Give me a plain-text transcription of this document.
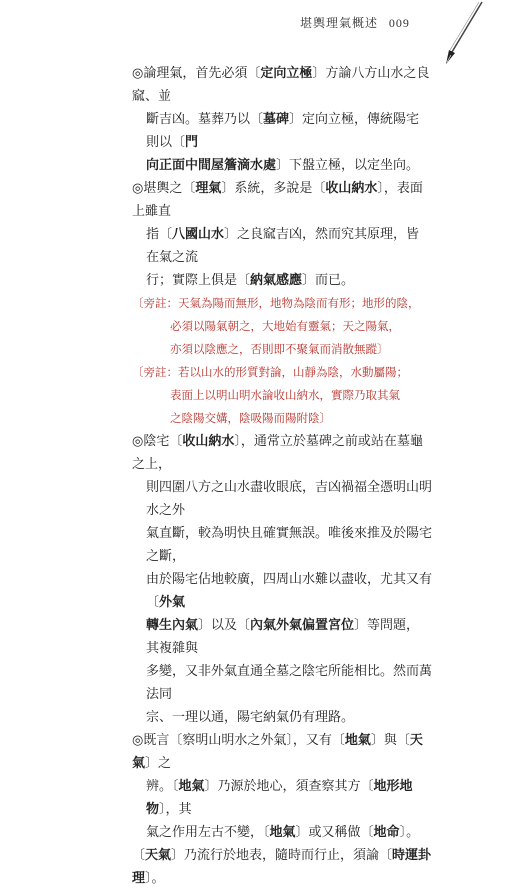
堪輿理氣概述 009
◎論理氣，首先必須〔定向立極〕方論八方山水之良窳、並
斷吉凶。墓葬乃以〔墓碑〕定向立極，傳統陽宅則以〔門
向正面中間屋簷滴水處〕下盤立極，以定坐向。
◎堪輿之〔理氣〕系統，多說是〔收山納水〕，表面上雖直
指〔八國山水〕之良窳吉凶，然而究其原理，皆在氣之流
行；實際上俱是〔納氣感應〕而已。
〔旁註：天氣為陽而無形，地物為陰而有形；地形的陰，
必須以陽氣朝之，大地始有靈氣；天之陽氣，
亦須以陰應之，否則即不聚氣而消散無蹤〕
〔旁註：若以山水的形質對論，山靜為陰，水動屬陽；
表面上以明山明水論收山納水，實際乃取其氣
之陰陽交媾，陰吸陽而陽附陰〕
◎陰宅〔收山納水〕，通常立於墓碑之前或站在墓龜之上，
則四圍八方之山水盡收眼底，吉凶禍福全憑明山明水之外
氣直斷，較為明快且確實無誤。唯後來推及於陽宅之斷，
由於陽宅佔地較廣，四周山水難以盡收，尤其又有〔外氣
轉生內氣〕以及〔內氣外氣偏置宮位〕等問題，其複雜與
多變，又非外氣直通全墓之陰宅所能相比。然而萬法同
宗、一理以通，陽宅納氣仍有理路。
◎既言〔察明山明水之外氣〕，又有〔地氣〕與〔天氣〕之
辨。〔地氣〕乃源於地心，須查察其方〔地形地物〕，其
氣之作用左古不變，〔地氣〕或又稱做〔地命〕。
〔天氣〕乃流行於地表，隨時而行止，須論〔時運卦理〕。
